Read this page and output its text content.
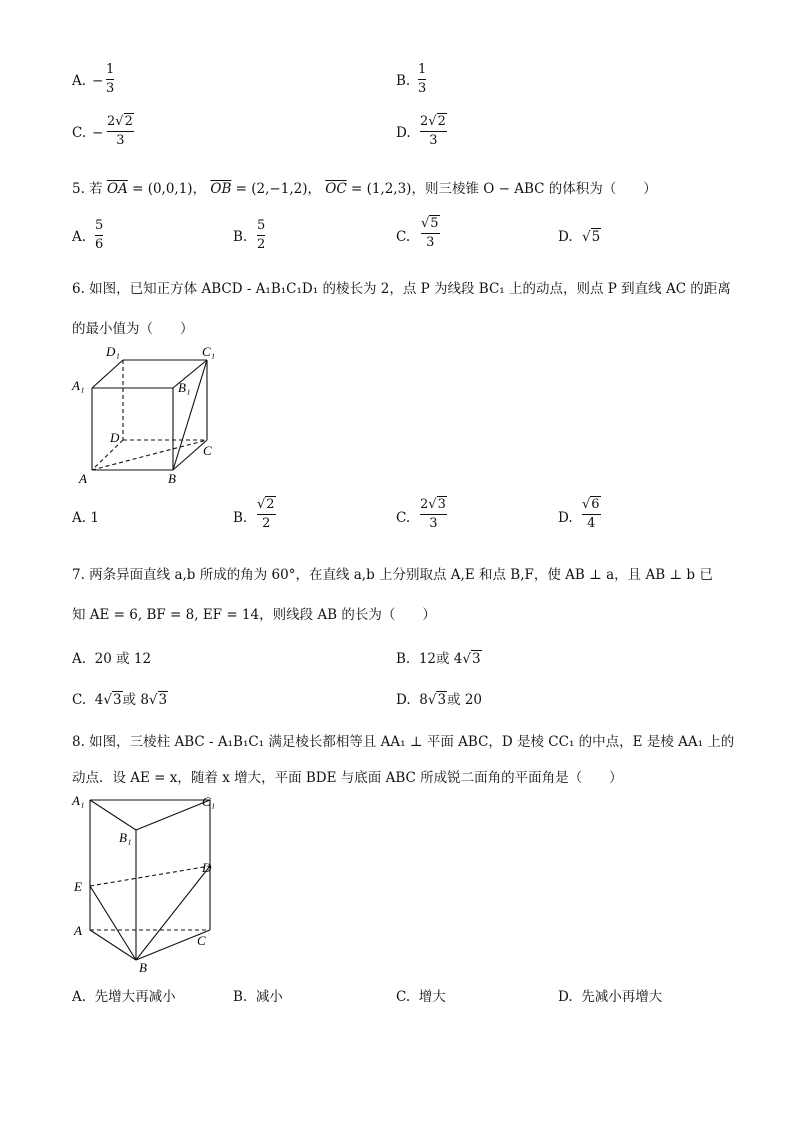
A. −
1
3	B.
1
3
C. −
2√2
3	D.
2√2
3
5. 若 $\overline{OA} = (0,0,1)$， $\overline{OB} = (2,-1,2)$， $\overline{OC} = (1,2,3)$，则三棱锥 O − ABC 的体积为（　　）
A.
5
6	B.
5
2	C.
√5
3	D. √5
6. 如图，已知正方体 ABCD - A₁B₁C₁D₁ 的棱长为 2，点 P 为线段 BC₁ 上的动点，则点 P 到直线 AC 的距离
的最小值为（　　）
D₁	C₁
A₁	B₁
D
C
A	B
A. 1	B.
√2
2	C.
2√3
3	D.
√6
4
7. 两条异面直线 a,b 所成的角为 60°，在直线 a,b 上分别取点 A,E 和点 B,F，使 AB ⊥ a，且 AB ⊥ b 已
知 AE = 6, BF = 8, EF = 14，则线段 AB 的长为（　　）
A. 20 或 12	B. 12或 4√3
C. 4√3或 8√3	D. 8√3或 20
8. 如图，三棱柱 ABC - A₁B₁C₁ 满足棱长都相等且 AA₁ ⊥ 平面 ABC，D 是棱 CC₁ 的中点，E 是棱 AA₁ 上的
动点．设 AE = x，随着 x 增大，平面 BDE 与底面 ABC 所成锐二面角的平面角是（　　）
A₁	C₁
B₁
D
E
A
C
B
A. 先增大再减小	B. 减小	C. 增大	D. 先减小再增大
